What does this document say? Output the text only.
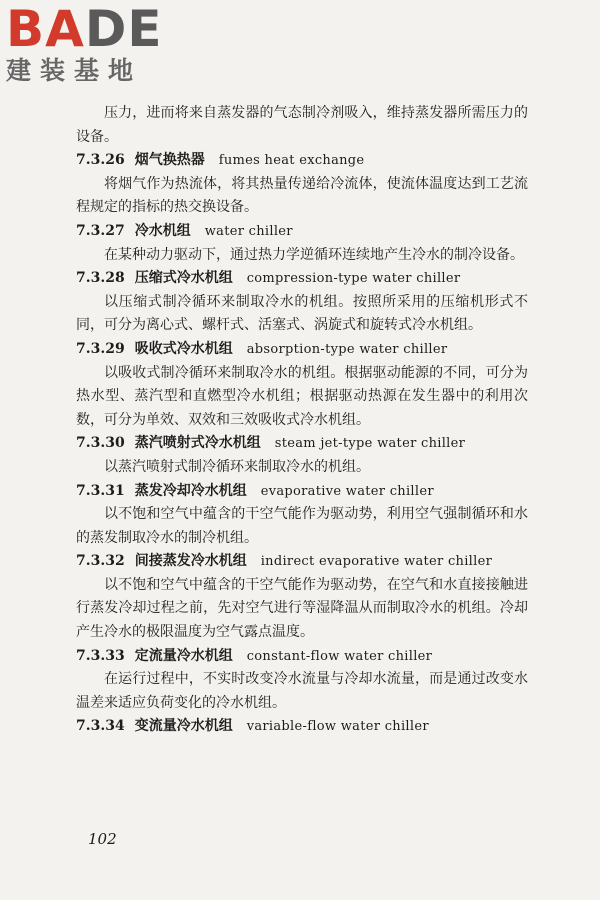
BADE
建装基地

压力，进而将来自蒸发器的气态制冷剂吸入，维持蒸发器所需压力的设备。

7.3.26 烟气换热器 fumes heat exchange

将烟气作为热流体，将其热量传递给冷流体，使流体温度达到工艺流程规定的指标的热交换设备。

7.3.27 冷水机组 water chiller

在某种动力驱动下，通过热力学逆循环连续地产生冷水的制冷设备。

7.3.28 压缩式冷水机组 compression-type water chiller

以压缩式制冷循环来制取冷水的机组。按照所采用的压缩机形式不同，可分为离心式、螺杆式、活塞式、涡旋式和旋转式冷水机组。

7.3.29 吸收式冷水机组 absorption-type water chiller

以吸收式制冷循环来制取冷水的机组。根据驱动能源的不同，可分为热水型、蒸汽型和直燃型冷水机组；根据驱动热源在发生器中的利用次数，可分为单效、双效和三效吸收式冷水机组。

7.3.30 蒸汽喷射式冷水机组 steam jet-type water chiller

以蒸汽喷射式制冷循环来制取冷水的机组。

7.3.31 蒸发冷却冷水机组 evaporative water chiller

以不饱和空气中蕴含的干空气能作为驱动势，利用空气强制循环和水的蒸发制取冷水的制冷机组。

7.3.32 间接蒸发冷水机组 indirect evaporative water chiller

以不饱和空气中蕴含的干空气能作为驱动势，在空气和水直接接触进行蒸发冷却过程之前，先对空气进行等湿降温从而制取冷水的机组。冷却产生冷水的极限温度为空气露点温度。

7.3.33 定流量冷水机组 constant-flow water chiller

在运行过程中，不实时改变冷水流量与冷却水流量，而是通过改变水温差来适应负荷变化的冷水机组。

7.3.34 变流量冷水机组 variable-flow water chiller

102
